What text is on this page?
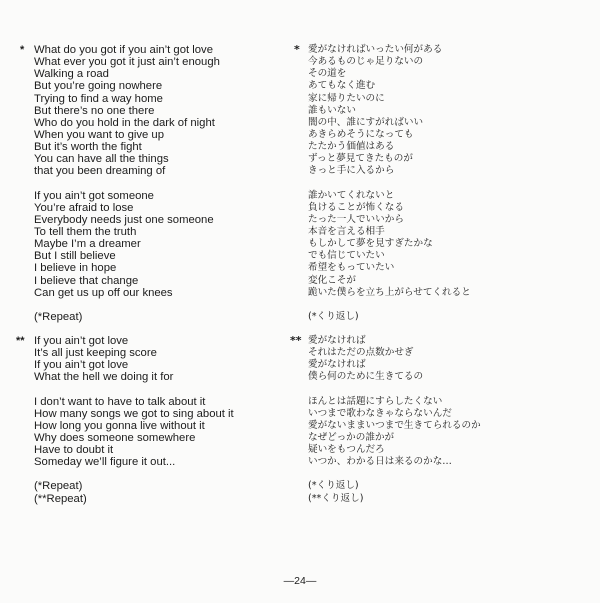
* What do you got if you ain’t got love
What ever you got it just ain’t enough
Walking a road
But you’re going nowhere
Trying to find a way home
But there’s no one there
Who do you hold in the dark of night
When you want to give up
But it’s worth the fight
You can have all the things
that you been dreaming of
If you ain’t got someone
You’re afraid to lose
Everybody needs just one someone
To tell them the truth
Maybe I’m a dreamer
But I still believe
I believe in hope
I believe that change
Can get us up off our knees
(*Repeat)
** If you ain’t got love
It’s all just keeping score
If you ain’t got love
What the hell we doing it for
I don’t want to have to talk about it
How many songs we got to sing about it
How long you gonna live without it
Why does someone somewhere
Have to doubt it
Someday we’ll figure it out...
(*Repeat)
(**Repeat)
* 愛がなければいったい何がある
今あるものじゃ足りないの
その道を
あてもなく進む
家に帰りたいのに
誰もいない
闇の中、誰にすがればいい
あきらめそうになっても
たたかう価値はある
ずっと夢見てきたものが
きっと手に入るから
誰かいてくれないと
負けることが怖くなる
たった一人でいいから
本音を言える相手
もしかして夢を見すぎたかな
でも信じていたい
希望をもっていたい
変化こそが
跪いた僕らを立ち上がらせてくれると
(*くり返し)
** 愛がなければ
それはただの点数かせぎ
愛がなければ
僕ら何のために生きてるの
ほんとは話題にすらしたくない
いつまで歌わなきゃならないんだ
愛がないままいつまで生きてられるのか
なぜどっかの誰かが
疑いをもつんだろ
いつか、わかる日は来るのかな…
(*くり返し)
(**くり返し)
—24—
